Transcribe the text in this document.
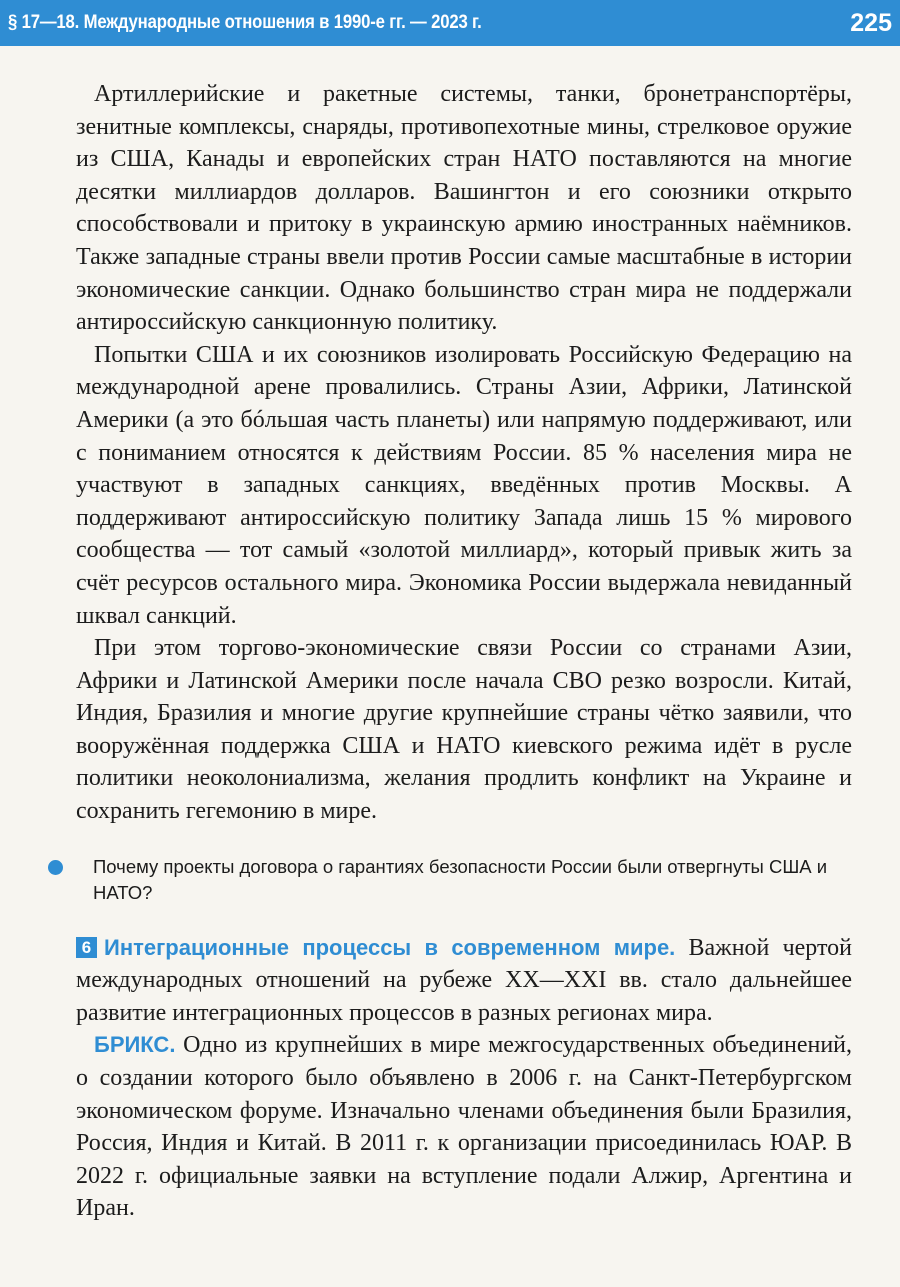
§ 17—18. Международные отношения в 1990-е гг. — 2023 г.	225

Артиллерийские и ракетные системы, танки, бронетранспортёры, зенитные комплексы, снаряды, противопехотные мины, стрелковое оружие из США, Канады и европейских стран НАТО поставляются на многие десятки миллиардов долларов. Вашингтон и его союзники открыто способствовали и притоку в украинскую армию иностранных наёмников. Также западные страны ввели против России самые масштабные в истории экономические санкции. Однако большинство стран мира не поддержали антироссийскую санкционную политику.

Попытки США и их союзников изолировать Российскую Федерацию на международной арене провалились. Страны Азии, Африки, Латинской Америки (а это бóльшая часть планеты) или напрямую поддерживают, или с пониманием относятся к действиям России. 85 % населения мира не участвуют в западных санкциях, введённых против Москвы. А поддерживают антироссийскую политику Запада лишь 15 % мирового сообщества — тот самый «золотой миллиард», который привык жить за счёт ресурсов остального мира. Экономика России выдержала невиданный шквал санкций.

При этом торгово-экономические связи России со странами Азии, Африки и Латинской Америки после начала СВО резко возросли. Китай, Индия, Бразилия и многие другие крупнейшие страны чётко заявили, что вооружённая поддержка США и НАТО киевского режима идёт в русле политики неоколониализма, желания продлить конфликт на Украине и сохранить гегемонию в мире.

Почему проекты договора о гарантиях безопасности России были отвергнуты США и НАТО?

6 Интеграционные процессы в современном мире. Важной чертой международных отношений на рубеже XX—XXI вв. стало дальнейшее развитие интеграционных процессов в разных регионах мира.

БРИКС. Одно из крупнейших в мире межгосударственных объединений, о создании которого было объявлено в 2006 г. на Санкт-Петербургском экономическом форуме. Изначально членами объединения были Бразилия, Россия, Индия и Китай. В 2011 г. к организации присоединилась ЮАР. В 2022 г. официальные заявки на вступление подали Алжир, Аргентина и Иран.
